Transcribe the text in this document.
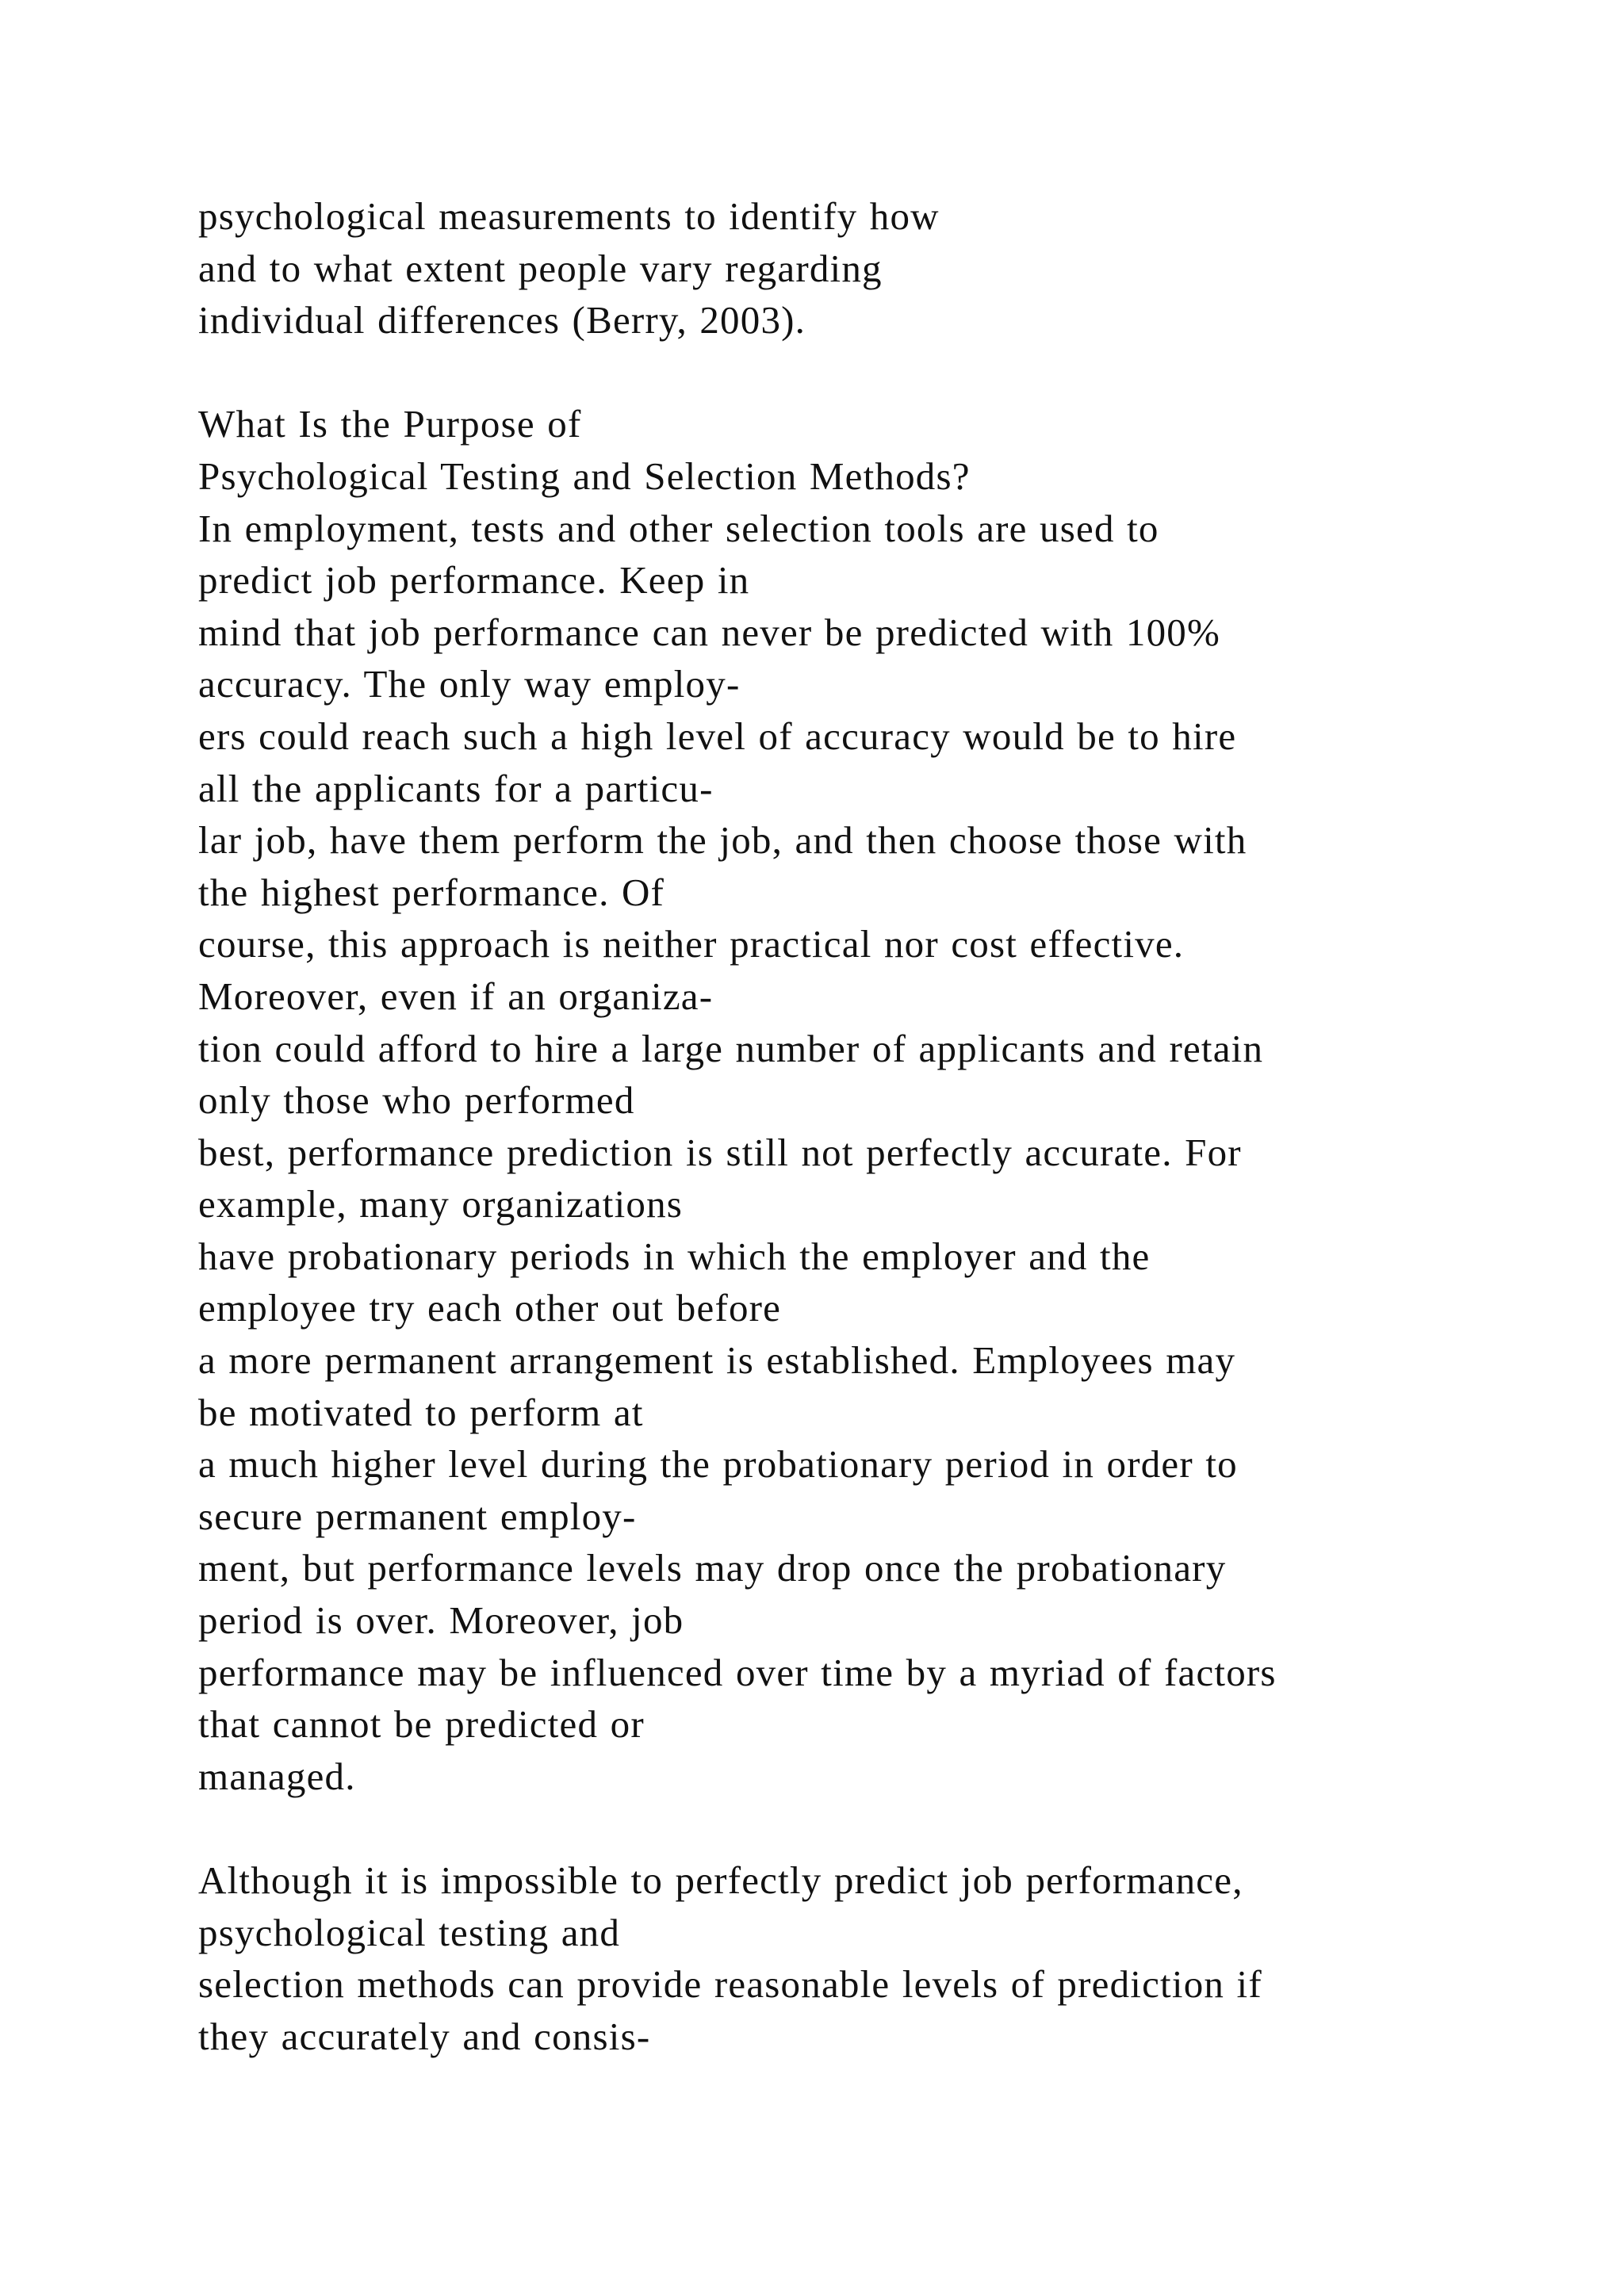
psychological measurements to identify how
and to what extent people vary regarding
individual differences (Berry, 2003).
What Is the Purpose of
Psychological Testing and Selection Methods?
In employment, tests and other selection tools are used to
predict job performance. Keep in
mind that job performance can never be predicted with 100%
accuracy. The only way employ-
ers could reach such a high level of accuracy would be to hire
all the applicants for a particu-
lar job, have them perform the job, and then choose those with
the highest performance. Of
course, this approach is neither practical nor cost effective.
Moreover, even if an organiza-
tion could afford to hire a large number of applicants and retain
only those who performed
best, performance prediction is still not perfectly accurate. For
example, many organizations
have probationary periods in which the employer and the
employee try each other out before
a more permanent arrangement is established. Employees may
be motivated to perform at
a much higher level during the probationary period in order to
secure permanent employ-
ment, but performance levels may drop once the probationary
period is over. Moreover, job
performance may be influenced over time by a myriad of factors
that cannot be predicted or
managed.
Although it is impossible to perfectly predict job performance,
psychological testing and
selection methods can provide reasonable levels of prediction if
they accurately and consis-
